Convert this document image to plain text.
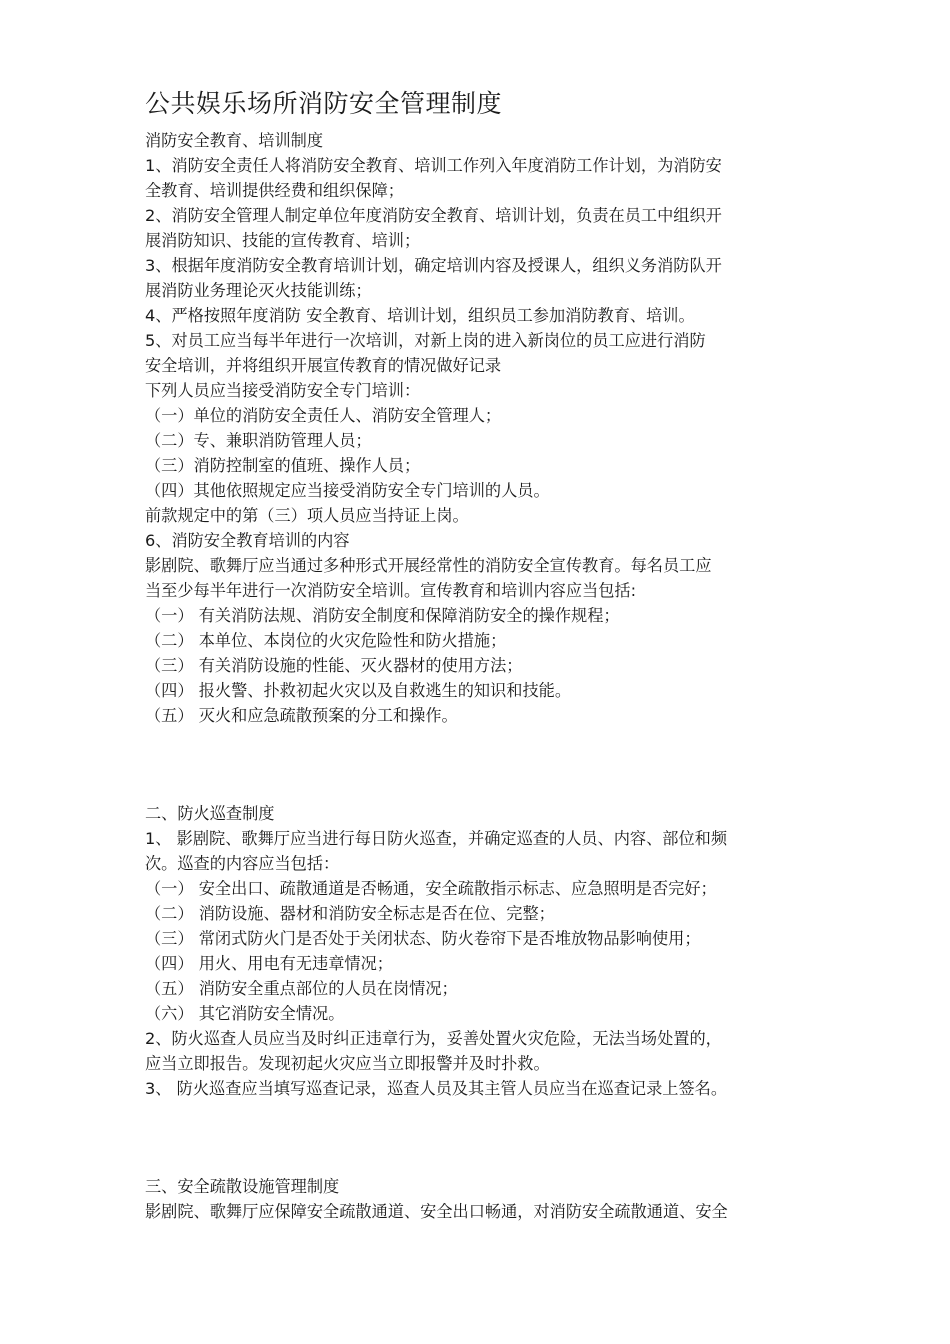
公共娱乐场所消防安全管理制度
消防安全教育、培训制度
1、消防安全责任人将消防安全教育、培训工作列入年度消防工作计划，为消防安
全教育、培训提供经费和组织保障；
2、消防安全管理人制定单位年度消防安全教育、培训计划，负责在员工中组织开
展消防知识、技能的宣传教育、培训；
3、根据年度消防安全教育培训计划，确定培训内容及授课人，组织义务消防队开
展消防业务理论灭火技能训练；
4、严格按照年度消防 安全教育、培训计划，组织员工参加消防教育、培训。
5、对员工应当每半年进行一次培训，对新上岗的进入新岗位的员工应进行消防
安全培训，并将组织开展宣传教育的情况做好记录
下列人员应当接受消防安全专门培训：
（一）单位的消防安全责任人、消防安全管理人；
（二）专、兼职消防管理人员；
（三）消防控制室的值班、操作人员；
（四）其他依照规定应当接受消防安全专门培训的人员。
前款规定中的第（三）项人员应当持证上岗。
6、消防安全教育培训的内容
影剧院、歌舞厅应当通过多种形式开展经常性的消防安全宣传教育。每名员工应
当至少每半年进行一次消防安全培训。宣传教育和培训内容应当包括:
（一） 有关消防法规、消防安全制度和保障消防安全的操作规程；
（二） 本单位、本岗位的火灾危险性和防火措施；
（三） 有关消防设施的性能、灭火器材的使用方法；
（四） 报火警、扑救初起火灾以及自救逃生的知识和技能。
（五） 灭火和应急疏散预案的分工和操作。
二、防火巡查制度
1、 影剧院、歌舞厅应当进行每日防火巡查，并确定巡查的人员、内容、部位和频
次。巡查的内容应当包括：
（一） 安全出口、疏散通道是否畅通，安全疏散指示标志、应急照明是否完好；
（二） 消防设施、器材和消防安全标志是否在位、完整；
（三） 常闭式防火门是否处于关闭状态、防火卷帘下是否堆放物品影响使用；
（四） 用火、用电有无违章情况；
（五） 消防安全重点部位的人员在岗情况；
（六） 其它消防安全情况。
2、防火巡查人员应当及时纠正违章行为，妥善处置火灾危险，无法当场处置的，
应当立即报告。发现初起火灾应当立即报警并及时扑救。
3、 防火巡查应当填写巡查记录，巡查人员及其主管人员应当在巡查记录上签名。
三、安全疏散设施管理制度
影剧院、歌舞厅应保障安全疏散通道、安全出口畅通，对消防安全疏散通道、安全
